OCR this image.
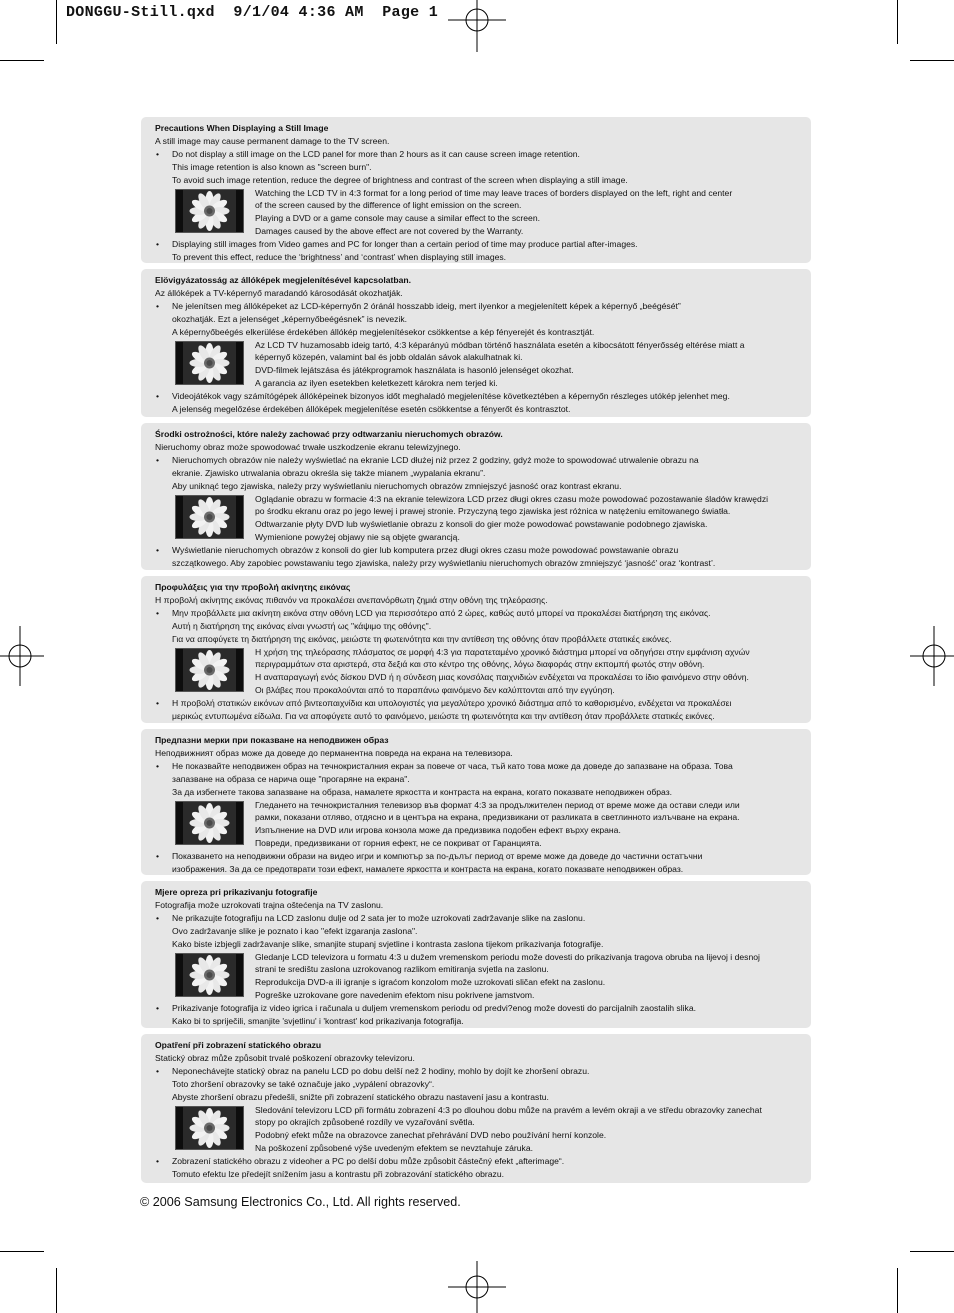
DONGGU-Still.qxd  9/1/04 4:36 AM  Page 1
Precautions When Displaying a Still Image
A still image may cause permanent damage to the TV screen.
• Do not display a still image on the LCD panel for more than 2 hours as it can cause screen image retention.
This image retention is also known as "screen burn".
To avoid such image retention, reduce the degree of brightness and contrast of the screen when displaying a still image.
Watching the LCD TV in 4:3 format for a long period of time may leave traces of borders displayed on the left, right and center
of the screen caused by the difference of light emission on the screen.
Playing a DVD or a game console may cause a similar effect to the screen.
Damages caused by the above effect are not covered by the Warranty.
• Displaying still images from Video games and PC for longer than a certain period of time may produce partial after-images.
To prevent this effect, reduce the ‘brightness’ and ‘contrast’ when displaying still images.
Elövigyázatosság az állóképek megjelenítésével kapcsolatban.
Az állóképek a TV-képernyő maradandó károsodását okozhatják.
• Ne jelenítsen meg állóképeket az LCD-képernyőn 2 óránál hosszabb ideig, mert ilyenkor a megjelenített képek a képernyő „beégését”
okozhatják. Ezt a jelenséget „képernyőbeégésnek” is nevezik.
A képernyőbeégés elkerülése érdekében állókép megjelenítésekor csökkentse a kép fényerejét és kontrasztját.
Az LCD TV huzamosabb ideig tartó, 4:3 képarányú módban történő használata esetén a kibocsátott fényerősség eltérése miatt a
képernyő közepén, valamint bal és jobb oldalán sávok alakulhatnak ki.
DVD-filmek lejátszása és játékprogramok használata is hasonló jelenséget okozhat.
A garancia az ilyen esetekben keletkezett károkra nem terjed ki.
• Videojátékok vagy számítógépek állóképeinek bizonyos időt meghaladó megjelenítése következtében a képernyőn részleges utókép jelenhet meg.
A jelenség megelőzése érdekében állóképek megjelenítése esetén csökkentse a fényerőt és kontrasztot.
Środki ostrożności, które należy zachować przy odtwarzaniu nieruchomych obrazów.
Nieruchomy obraz może spowodować trwałe uszkodzenie ekranu telewizyjnego.
• Nieruchomych obrazów nie należy wyświetlać na ekranie LCD dłużej niż przez 2 godziny, gdyż może to spowodować utrwalenie obrazu na
ekranie. Zjawisko utrwalania obrazu określa się także mianem „wypalania ekranu”.
Aby uniknąć tego zjawiska, należy przy wyświetlaniu nieruchomych obrazów zmniejszyć jasność oraz kontrast ekranu.
Oglądanie obrazu w formacie 4:3 na ekranie telewizora LCD przez długi okres czasu może powodować pozostawanie śladów krawędzi
po środku ekranu oraz po jego lewej i prawej stronie. Przyczyną tego zjawiska jest różnica w natężeniu emitowanego światła.
Odtwarzanie płyty DVD lub wyświetlanie obrazu z konsoli do gier może powodować powstawanie podobnego zjawiska.
Wymienione powyżej objawy nie są objęte gwarancją.
• Wyświetlanie nieruchomych obrazów z konsoli do gier lub komputera przez długi okres czasu może powodować powstawanie obrazu
szczątkowego. Aby zapobiec powstawaniu tego zjawiska, należy przy wyświetlaniu nieruchomych obrazów zmniejszyć ‘jasność’ oraz ‘kontrast’.
Προφυλάξεις για την προβολή ακίνητης εικόνας
Η προβολή ακίνητης εικόνας πιθανόν να προκαλέσει ανεπανόρθωτη ζημιά στην οθόνη της τηλεόρασης.
• Μην προβάλλετε μια ακίνητη εικόνα στην οθόνη LCD για περισσότερο από 2 ώρες, καθώς αυτό μπορεί να προκαλέσει διατήρηση της εικόνας.
Αυτή η διατήρηση της εικόνας είναι γνωστή ως "κάψιμο της οθόνης".
Για να αποφύγετε τη διατήρηση της εικόνας, μειώστε τη φωτεινότητα και την αντίθεση της οθόνης όταν προβάλλετε στατικές εικόνες.
Η χρήση της τηλεόρασης πλάσματος σε μορφή 4:3 για παρατεταμένο χρονικό διάστημα μπορεί να οδηγήσει στην εμφάνιση αχνών
περιγραμμάτων στα αριστερά, στα δεξιά και στο κέντρο της οθόνης, λόγω διαφοράς στην εκπομπή φωτός στην οθόνη.
Η αναπαραγωγή ενός δίσκου DVD ή η σύνδεση μιας κονσόλας παιχνιδιών ενδέχεται να προκαλέσει το ίδιο φαινόμενο στην οθόνη.
Οι βλάβες που προκαλούνται από το παραπάνω φαινόμενο δεν καλύπτονται από την εγγύηση.
• Η προβολή στατικών εικόνων από βιντεοπαιχνίδια και υπολογιστές για μεγαλύτερο χρονικό διάστημα από το καθορισμένο, ενδέχεται να προκαλέσει
μερικώς εντυπωμένα είδωλα. Για να αποφύγετε αυτό το φαινόμενο, μειώστε τη φωτεινότητα και την αντίθεση όταν προβάλλετε στατικές εικόνες.
Предпазни мерки при показване на неподвижен образ
Неподвижният образ може да доведе до перманентна повреда на екрана на телевизора.
• Не показвайте неподвижен образ на течнокристалния екран за повече от часа, тъй като това може да доведе до запазване на образа. Това
запазване на образа се нарича още "прогаряне на екрана".
За да избегнете такова запазване на образа, намалете яркостта и контраста на екрана, когато показвате неподвижен образ.
Гледането на течнокристалния телевизор във формат 4:3 за продължителен период от време може да остави следи или
рамки, показани отляво, отдясно и в центъра на екрана, предизвикани от разликата в светлинното излъчване на екрана.
Изпълнение на DVD или игрова конзола може да предизвика подобен ефект върху екрана.
Повреди, предизвикани от горния ефект, не се покриват от Гаранцията.
• Показването на неподвижни образи на видео игри и компютър за по-дълъг период от време може да доведе до частични остатъчни
изображения. За да се предотврати този ефект, намалете яркостта и контраста на екрана, когато показвате неподвижен образ.
Mjere opreza pri prikazivanju fotografije
Fotografija može uzrokovati trajna oštećenja na TV zaslonu.
• Ne prikazujte fotografiju na LCD zaslonu dulje od 2 sata jer to može uzrokovati zadržavanje slike na zaslonu.
Ovo zadržavanje slike je poznato i kao "efekt izgaranja zaslona".
Kako biste izbjegli zadržavanje slike, smanjite stupanj svjetline i kontrasta zaslona tijekom prikazivanja fotografije.
Gledanje LCD televizora u formatu 4:3 u dužem vremenskom periodu može dovesti do prikazivanja tragova obruba na lijevoj i desnoj
strani te središtu zaslona uzrokovanog razlikom emitiranja svjetla na zaslonu.
Reprodukcija DVD-a ili igranje s igraćom konzolom može uzrokovati sličan efekt na zaslonu.
Pogreške uzrokovane gore navedenim efektom nisu pokrivene jamstvom.
• Prikazivanje fotografija iz video igrica i računala u duljem vremenskom periodu od predvi?enog može dovesti do parcijalnih zaostalih slika.
Kako bi to spriječili, smanjite 'svjetlinu' i 'kontrast' kod prikazivanja fotografija.
Opatření při zobrazení statického obrazu
Statický obraz může způsobit trvalé poškození obrazovky televizoru.
• Neponechávejte statický obraz na panelu LCD po dobu delší než 2 hodiny, mohlo by dojít ke zhoršení obrazu.
Toto zhoršení obrazovky se také označuje jako „vypálení obrazovky“.
Abyste zhoršení obrazu předešli, snižte při zobrazení statického obrazu nastavení jasu a kontrastu.
Sledování televizoru LCD při formátu zobrazení 4:3 po dlouhou dobu může na pravém a levém okraji a ve středu obrazovky zanechat
stopy po okrajích způsobené rozdíly ve vyzařování světla.
Podobný efekt může na obrazovce zanechat přehrávání DVD nebo používání herní konzole.
Na poškození způsobené výše uvedeným efektem se nevztahuje záruka.
• Zobrazení statického obrazu z videoher a PC po delší dobu může způsobit částečný efekt „afterimage“.
Tomuto efektu lze předejít snížením jasu a kontrastu při zobrazování statického obrazu.
© 2006 Samsung Electronics Co., Ltd. All rights reserved.
